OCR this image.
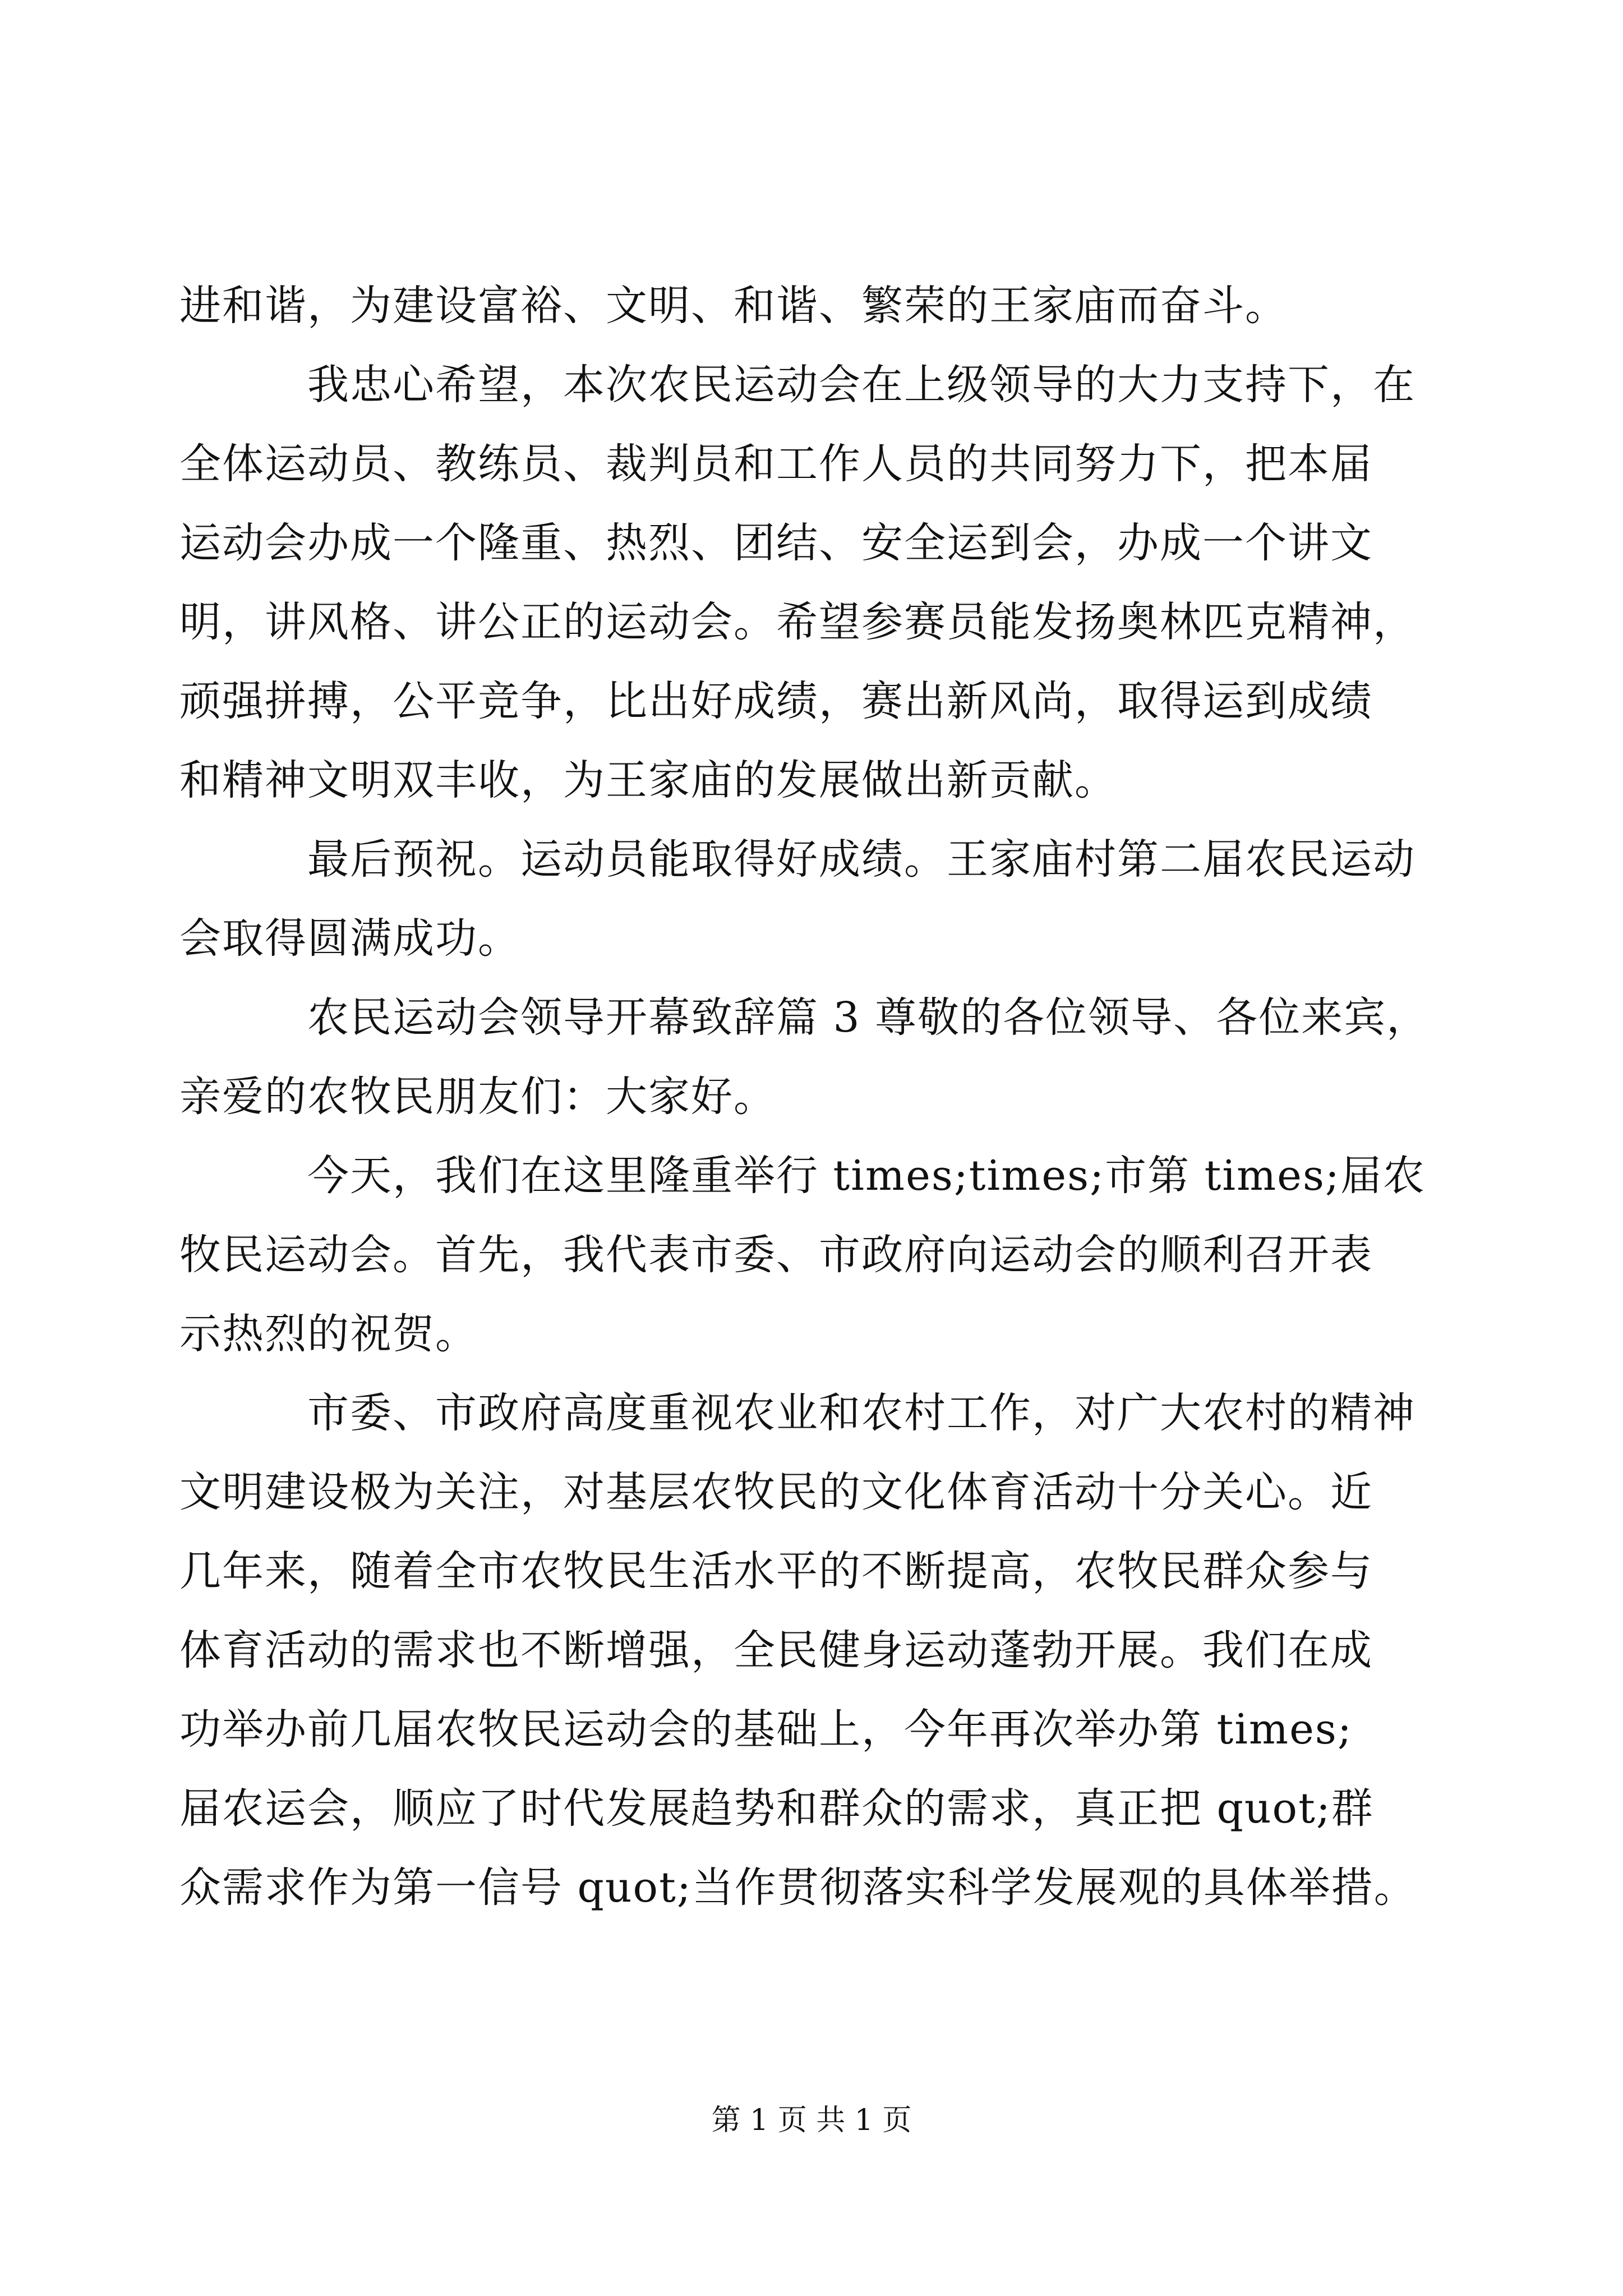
进和谐，为建设富裕、文明、和谐、繁荣的王家庙而奋斗。
我忠心希望，本次农民运动会在上级领导的大力支持下，在
全体运动员、教练员、裁判员和工作人员的共同努力下，把本届
运动会办成一个隆重、热烈、团结、安全运到会，办成一个讲文
明，讲风格、讲公正的运动会。希望参赛员能发扬奥林匹克精神，
顽强拼搏，公平竞争，比出好成绩，赛出新风尚，取得运到成绩
和精神文明双丰收，为王家庙的发展做出新贡献。
最后预祝。运动员能取得好成绩。王家庙村第二届农民运动
会取得圆满成功。
农民运动会领导开幕致辞篇 3 尊敬的各位领导、各位来宾，
亲爱的农牧民朋友们：大家好。
今天，我们在这里隆重举行 times;times;市第 times;届农
牧民运动会。首先，我代表市委、市政府向运动会的顺利召开表
示热烈的祝贺。
市委、市政府高度重视农业和农村工作，对广大农村的精神
文明建设极为关注，对基层农牧民的文化体育活动十分关心。近
几年来，随着全市农牧民生活水平的不断提高，农牧民群众参与
体育活动的需求也不断增强，全民健身运动蓬勃开展。我们在成
功举办前几届农牧民运动会的基础上，今年再次举办第 times;
届农运会，顺应了时代发展趋势和群众的需求，真正把 quot;群
众需求作为第一信号 quot;当作贯彻落实科学发展观的具体举措。
第 1 页 共 1 页
